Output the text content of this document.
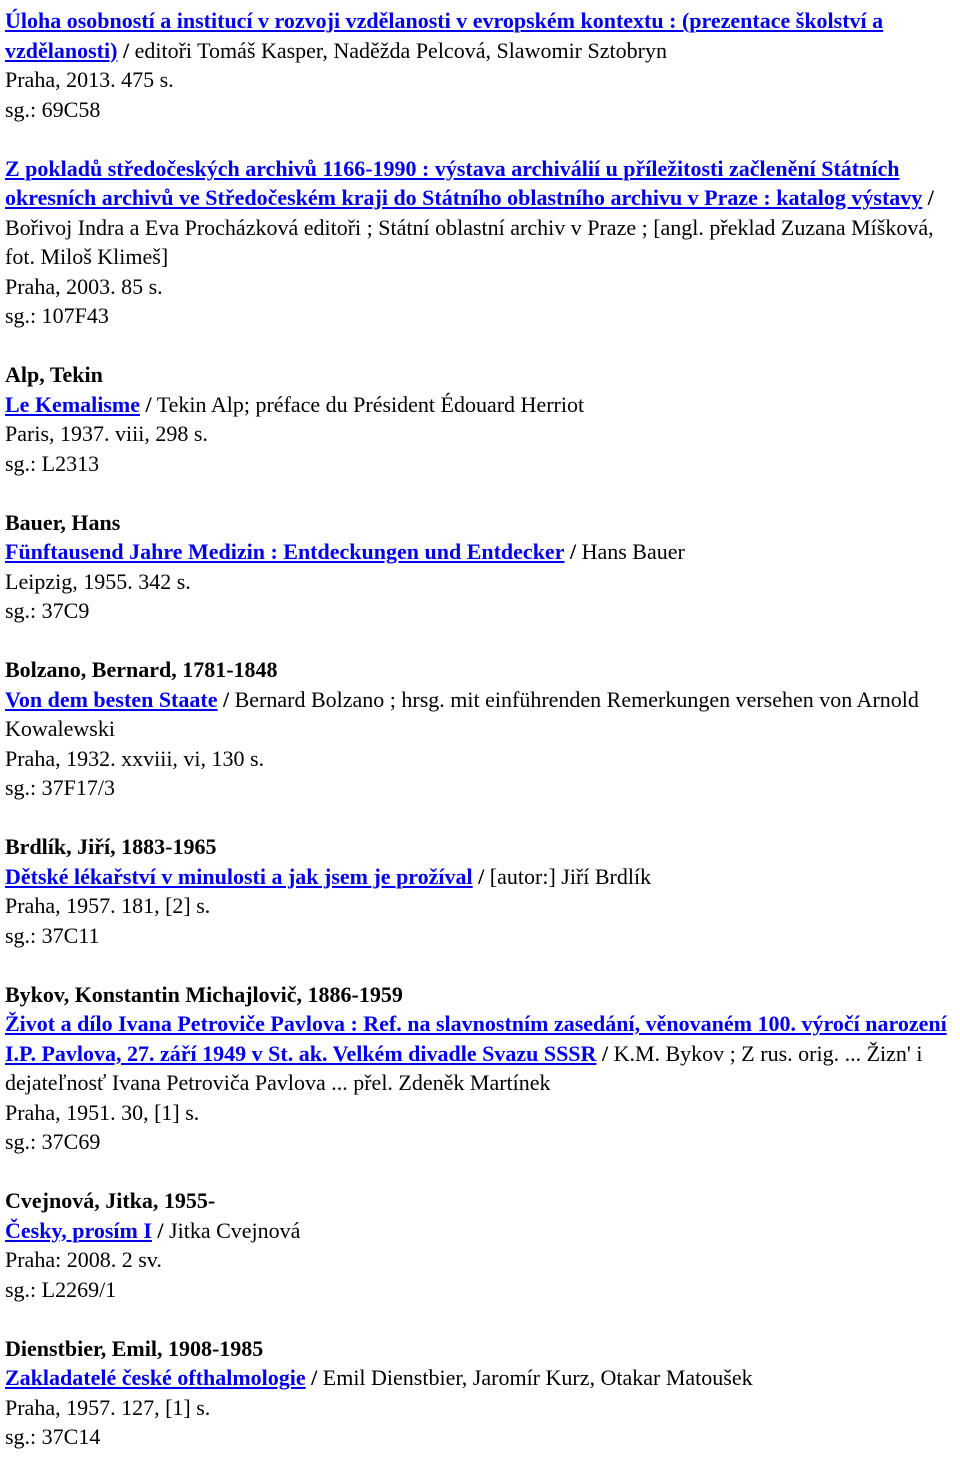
Úloha osobností a institucí v rozvoji vzdělanosti v evropském kontextu : (prezentace školství a vzdělanosti) / editoři Tomáš Kasper, Naděžda Pelcová, Slawomir Sztobryn
Praha, 2013. 475 s.
sg.: 69C58
Z pokladů středočeských archivů 1166-1990 : výstava archiválií u příležitosti začlenění Státních okresních archivů ve Středočeském kraji do Státního oblastního archivu v Praze : katalog výstavy / Bořivoj Indra a Eva Procházková editoři ; Státní oblastní archiv v Praze ; [angl. překlad Zuzana Míšková, fot. Miloš Klimeš]
Praha, 2003. 85 s.
sg.: 107F43
Alp, Tekin
Le Kemalisme / Tekin Alp; préface du Président Édouard Herriot
Paris, 1937. viii, 298 s.
sg.: L2313
Bauer, Hans
Fünftausend Jahre Medizin : Entdeckungen und Entdecker / Hans Bauer
Leipzig, 1955. 342 s.
sg.: 37C9
Bolzano, Bernard, 1781-1848
Von dem besten Staate / Bernard Bolzano ; hrsg. mit einführenden Remerkungen versehen von Arnold Kowalewski
Praha, 1932. xxviii, vi, 130 s.
sg.: 37F17/3
Brdlík, Jiří, 1883-1965
Dětské lékařství v minulosti a jak jsem je prožíval / [autor:] Jiří Brdlík
Praha, 1957. 181, [2] s.
sg.: 37C11
Bykov, Konstantin Michajlovič, 1886-1959
Život a dílo Ivana Petroviče Pavlova : Ref. na slavnostním zasedání, věnovaném 100. výročí narození I.P. Pavlova, 27. září 1949 v St. ak. Velkém divadle Svazu SSSR / K.M. Bykov ; Z rus. orig. ... Žizn' i dejateľnosť Ivana Petroviča Pavlova ... přel. Zdeněk Martínek
Praha, 1951. 30, [1] s.
sg.: 37C69
Cvejnová, Jitka, 1955-
Česky, prosím I / Jitka Cvejnová
Praha: 2008. 2 sv.
sg.: L2269/1
Dienstbier, Emil, 1908-1985
Zakladatelé české ofthalmologie / Emil Dienstbier, Jaromír Kurz, Otakar Matoušek
Praha, 1957. 127, [1] s.
sg.: 37C14
